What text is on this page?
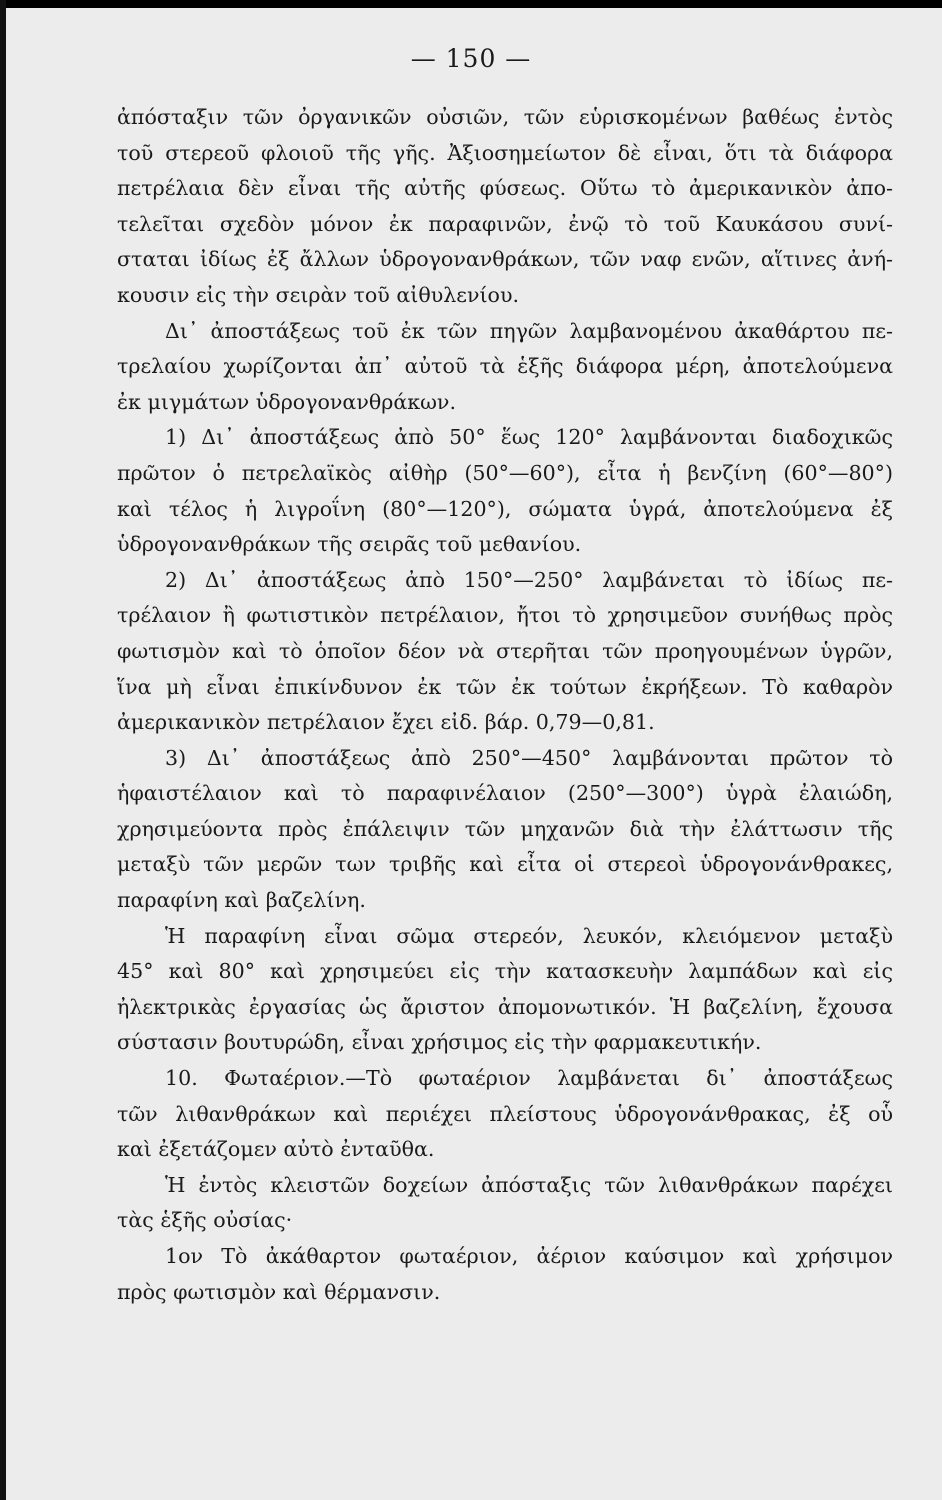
— 150 —
ἀπόσταξιν τῶν ὀργανικῶν οὐσιῶν, τῶν εὑρισκομένων βαθέως ἐντὸς
τοῦ στερεοῦ φλοιοῦ τῆς γῆς. Ἀξιοσημείωτον δὲ εἶναι, ὅτι τὰ διάφορα
πετρέλαια δὲν εἶναι τῆς αὐτῆς φύσεως. Οὕτω τὸ ἀμερικανικὸν ἀπο-
τελεῖται σχεδὸν μόνον ἐκ παραφινῶν, ἐνῷ τὸ τοῦ Καυκάσου συνί-
σταται ἰδίως ἐξ ἄλλων ὑδρογονανθράκων, τῶν ναφ ενῶν, αἵτινες ἀνή-
κουσιν εἰς τὴν σειρὰν τοῦ αἰθυλενίου.
Δι᾽ ἀποστάξεως τοῦ ἐκ τῶν πηγῶν λαμβανομένου ἀκαθάρτου πε-
τρελαίου χωρίζονται ἀπ᾽ αὐτοῦ τὰ ἑξῆς διάφορα μέρη, ἀποτελούμενα
ἐκ μιγμάτων ὑδρογονανθράκων.
1) Δι᾽ ἀποστάξεως ἀπὸ 50° ἕως 120° λαμβάνονται διαδοχικῶς
πρῶτον ὁ πετρελαϊκὸς αἰθὴρ (50°—60°), εἶτα ἡ βενζίνη (60°—80°)
καὶ τέλος ἡ λιγροΐνη (80°—120°), σώματα ὑγρά, ἀποτελούμενα ἐξ
ὑδρογονανθράκων τῆς σειρᾶς τοῦ μεθανίου.
2) Δι᾽ ἀποστάξεως ἀπὸ 150°—250° λαμβάνεται τὸ ἰδίως πε-
τρέλαιον ἢ φωτιστικὸν πετρέλαιον, ἤτοι τὸ χρησιμεῦον συνήθως πρὸς
φωτισμὸν καὶ τὸ ὁποῖον δέον νὰ στερῆται τῶν προηγουμένων ὑγρῶν,
ἵνα μὴ εἶναι ἐπικίνδυνον ἐκ τῶν ἐκ τούτων ἐκρήξεων. Τὸ καθαρὸν
ἀμερικανικὸν πετρέλαιον ἔχει εἰδ. βάρ. 0,79—0,81.
3) Δι᾽ ἀποστάξεως ἀπὸ 250°—450° λαμβάνονται πρῶτον τὸ
ἡφαιστέλαιον καὶ τὸ παραφινέλαιον (250°—300°) ὑγρὰ ἐλαιώδη,
χρησιμεύοντα πρὸς ἐπάλειψιν τῶν μηχανῶν διὰ τὴν ἐλάττωσιν τῆς
μεταξὺ τῶν μερῶν των τριβῆς καὶ εἶτα οἱ στερεοὶ ὑδρογονάνθρακες,
παραφίνη καὶ βαζελίνη.
Ἡ παραφίνη εἶναι σῶμα στερεόν, λευκόν, κλειόμενον μεταξὺ
45° καὶ 80° καὶ χρησιμεύει εἰς τὴν κατασκευὴν λαμπάδων καὶ εἰς
ἠλεκτρικὰς ἐργασίας ὡς ἄριστον ἀπομονωτικόν. Ἡ βαζελίνη, ἔχουσα
σύστασιν βουτυρώδη, εἶναι χρήσιμος εἰς τὴν φαρμακευτικήν.
10. Φωταέριον.—Τὸ φωταέριον λαμβάνεται δι᾽ ἀποστάξεως
τῶν λιθανθράκων καὶ περιέχει πλείστους ὑδρογονάνθρακας, ἐξ οὗ
καὶ ἐξετάζομεν αὐτὸ ἐνταῦθα.
Ἡ ἐντὸς κλειστῶν δοχείων ἀπόσταξις τῶν λιθανθράκων παρέχει
τὰς ἑξῆς οὐσίας·
1ον Τὸ ἀκάθαρτον φωταέριον, ἀέριον καύσιμον καὶ χρήσιμον
πρὸς φωτισμὸν καὶ θέρμανσιν.
